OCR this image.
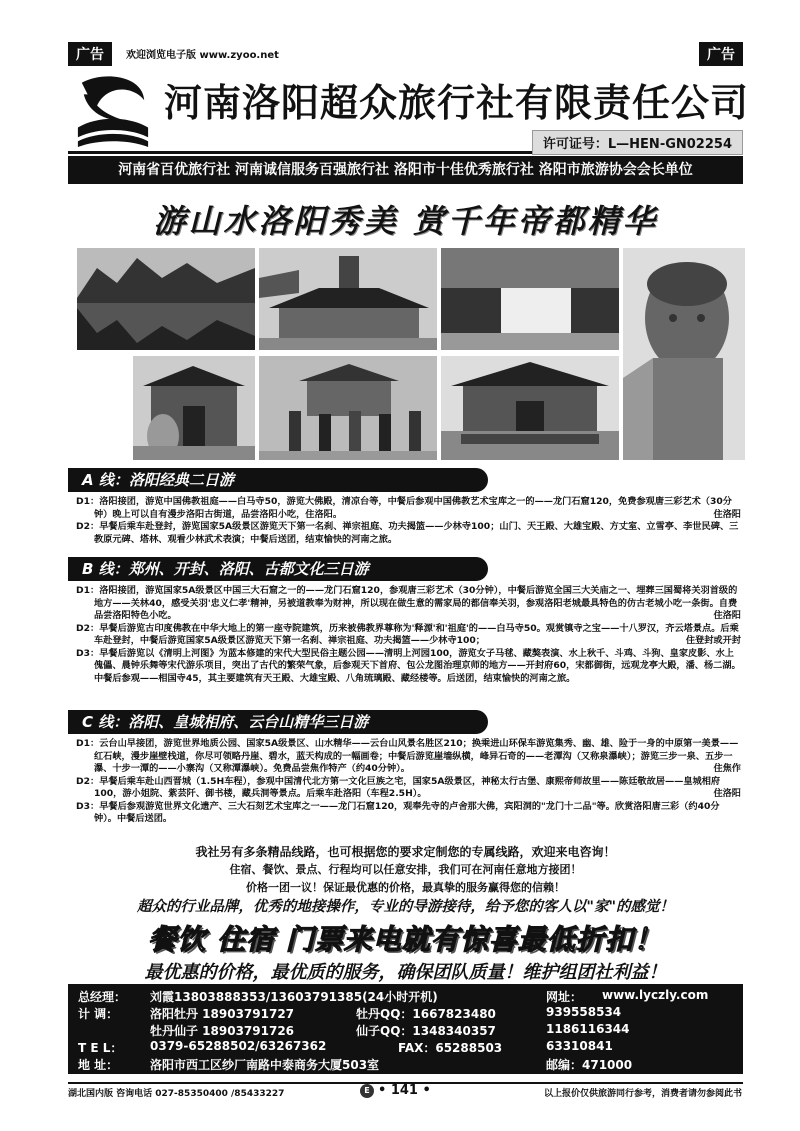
广告	欢迎浏览电子版 www.zyoo.net	广告
河南洛阳超众旅行社有限责任公司
许可证号：L—HEN-GN02254
河南省百优旅行社 河南诚信服务百强旅行社 洛阳市十佳优秀旅行社 洛阳市旅游协会会长单位
游山水洛阳秀美 赏千年帝都精华
A 线：洛阳经典二日游

D1：洛阳接团，游览中国佛教祖庭——白马寺50，游览大佛殿，清凉台等，中餐后参观中国佛教艺术宝库之一的——龙门石窟120，免费参观唐三彩艺术（30分钟）晚上可以自有漫步洛阳古街道，品尝洛阳小吃，住洛阳。	住洛阳

D2：早餐后乘车赴登封，游览国家5A级景区游览天下第一名刹、禅宗祖庭、功夫揭篮——少林寺100；山门、天王殿、大雄宝殿、方丈室、立雪亭、李世民碑、三教原元碑、塔林、观看少林武术表演；中餐后送团，结束愉快的河南之旅。

B 线：郑州、开封、洛阳、古都文化三日游

D1：洛阳接团，游览国家5A级景区中国三大石窟之一的——龙门石窟120，参观唐三彩艺术（30分钟），中餐后游览全国三大关庙之一、埋葬三国蜀将关羽首级的地方——关林40，感受关羽'忠义仁孝'精神，另被道教奉为财神，所以现在做生意的需家局的都信奉关羽，参观洛阳老城最具特色的仿古老城小吃一条街。自费品尝洛阳特色小吃。	住洛阳

D2：早餐后游览古印度佛教在中华大地上的第一座寺院建筑，历来被佛教界尊称为'释源'和'祖庭'的——白马寺50。观赏镇寺之宝——十八罗汉，齐云塔景点。后乘车赴登封，中餐后游览国家5A级景区游览天下第一名刹、禅宗祖庭、功夫揭篮——少林寺100；	住登封或开封

D3：早餐后游览以《清明上河图》为蓝本修建的宋代大型民俗主题公园——清明上河园100，游览女子马毬、藏獒表演、水上秋千、斗鸡、斗狗、皇家皮影、水上傀儡、晨钟乐舞等宋代游乐项目，突出了古代的繁荣气象，后参观天下首府、包公龙图治理京师的地方——开封府60，宋都御街，远观龙亭大殿，潘、杨二湖。中餐后参观——相国寺45，其主要建筑有天王殿、大雄宝殿、八角琉璃殿、藏经楼等。后送团，结束愉快的河南之旅。

C 线：洛阳、皇城相府、云台山精华三日游

D1：云台山早接团，游览世界地质公园、国家5A级景区、山水精华——云台山风景名胜区210；换乘进山环保车游览集秀、幽、雄、险于一身的中原第一美景——红石峡，漫步崖壁栈道，你尽可领略丹崖、碧水，蓝天构成的一幅画卷；中餐后游览崖墙纵横，峰异石奇的——老潭沟（又称泉瀑峡）；游览三步一泉、五步一瀑、十步一潭的——小寨沟（又称潭瀑峡）。免费品尝焦作特产（约40分钟）。	住焦作

D2：早餐后乘车赴山西晋城（1.5H车程），参观中国清代北方第一文化巨族之宅，国家5A级景区，神秘太行古堡、康熙帝师故里——陈廷敬故居——皇城相府100，游小姐院、紫芸阡、御书楼，藏兵洞等景点。后乘车赴洛阳（车程2.5H）。	住洛阳

D3：早餐后参观游览世界文化遗产、三大石刻艺术宝库之一——龙门石窟120，观奉先寺的卢舍那大佛，宾阳洞的"龙门十二品"等。欣赏洛阳唐三彩（约40分钟）。中餐后送团。

我社另有多条精品线路，也可根据您的要求定制您的专属线路，欢迎来电咨询！
住宿、餐饮、景点、行程均可以任意安排，我们可在河南任意地方接团！
价格一团一议！保证最优惠的价格，最真挚的服务赢得您的信赖！
超众的行业品牌，优秀的地接操作，专业的导游接待，给予您的客人以"家"的感觉！
餐饮 住宿 门票来电就有惊喜最低折扣！
最优惠的价格，最优质的服务，确保团队质量！维护组团社利益！
总经理： 刘霞13803888353/13603791385(24小时开机)	网址： www.lyczly.com
计 调：	洛阳牡丹 18903791727	牡丹QQ：1667823480	939558534
牡丹仙子 18903791726	仙子QQ：1348340357	1186116344
T E L： 0379-65288502/63267362	FAX：65288503	63310841
地 址：	洛阳市西工区纱厂南路中泰商务大厦503室	邮编：471000
湖北国内版 咨询电话 027-85350400 /85433227	E • 141 •	以上报价仅供旅游同行参考，消费者请勿参阅此书
